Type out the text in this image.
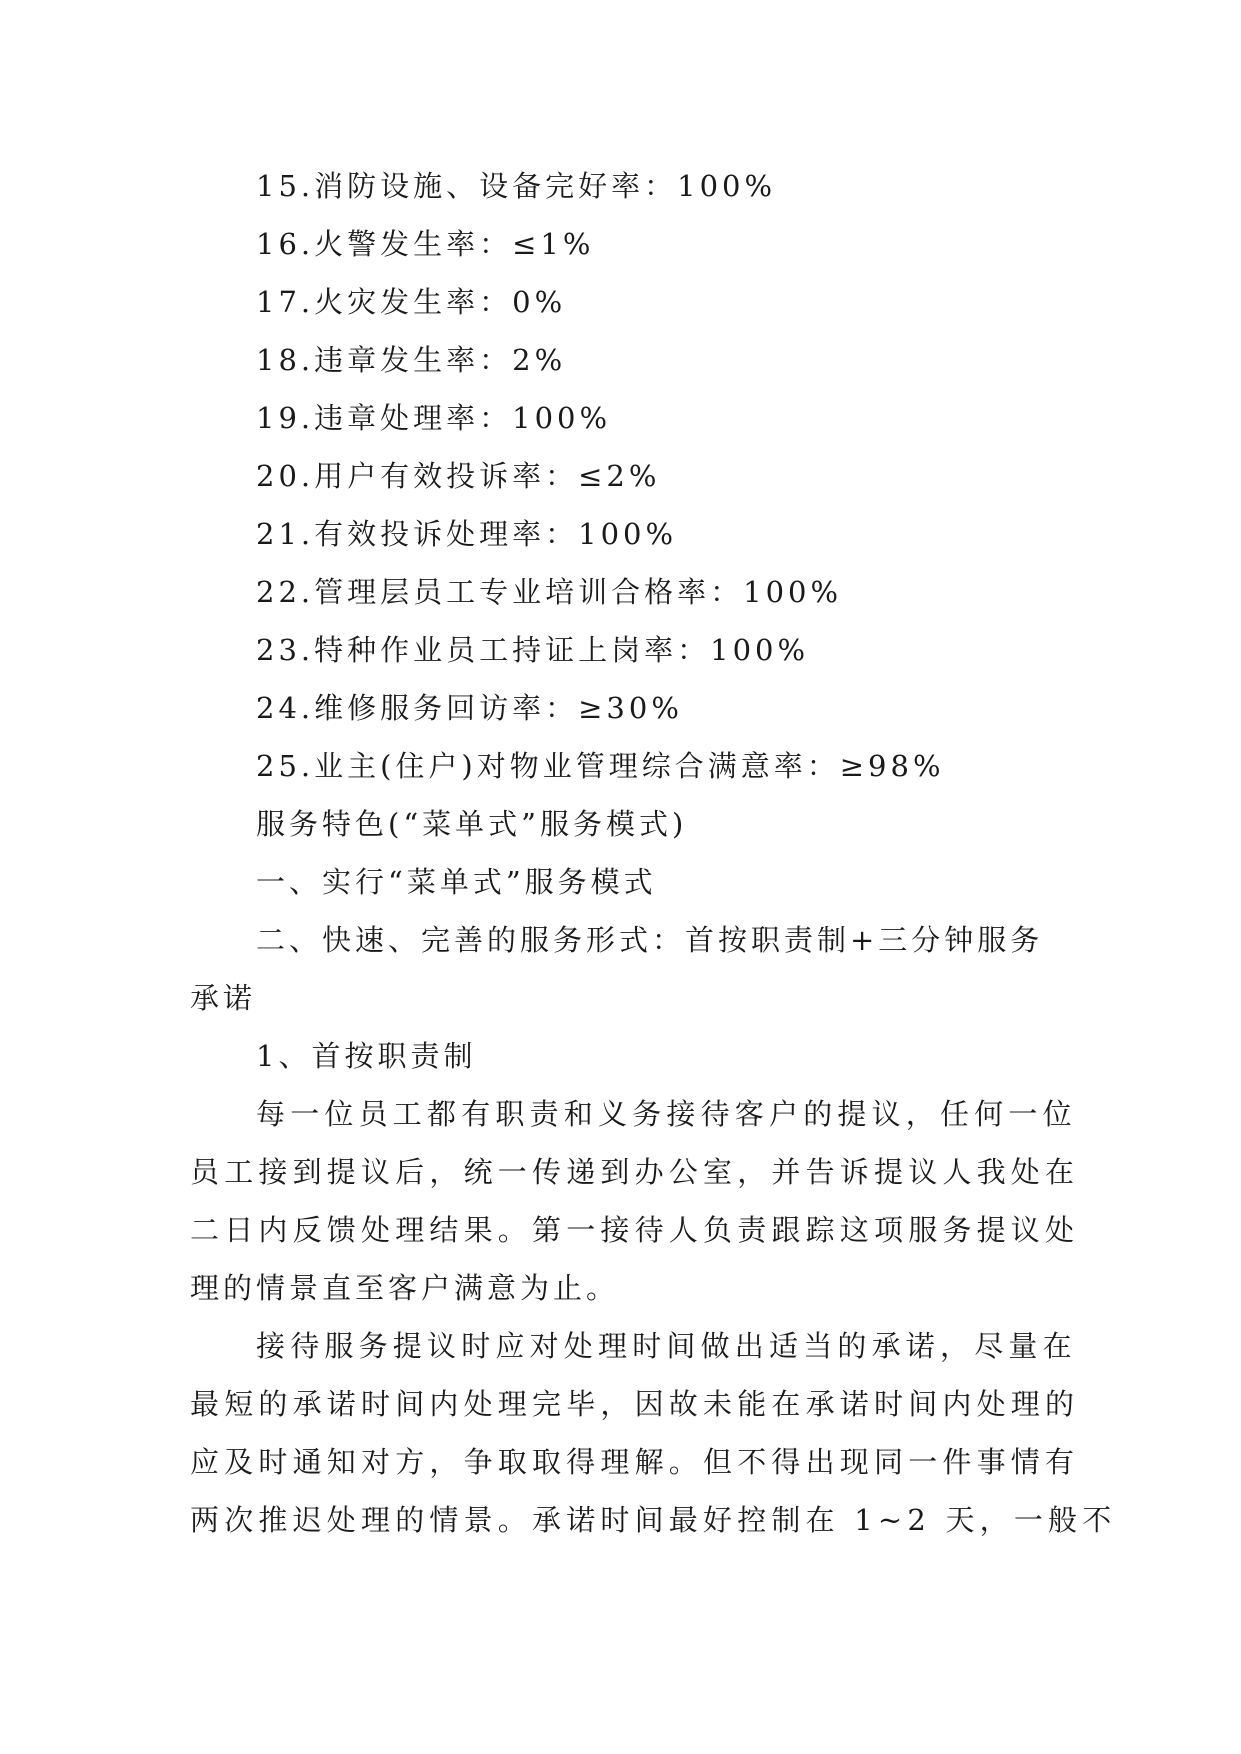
15.消防设施、设备完好率：100%
16.火警发生率：≤1%
17.火灾发生率：0%
18.违章发生率：2%
19.违章处理率：100%
20.用户有效投诉率：≤2%
21.有效投诉处理率：100%
22.管理层员工专业培训合格率：100%
23.特种作业员工持证上岗率：100%
24.维修服务回访率：≥30%
25.业主(住户)对物业管理综合满意率：≥98%
服务特色(“菜单式”服务模式)
一、实行“菜单式”服务模式
二、快速、完善的服务形式：首按职责制+三分钟服务
承诺
1、首按职责制
每一位员工都有职责和义务接待客户的提议，任何一位
员工接到提议后，统一传递到办公室，并告诉提议人我处在
二日内反馈处理结果。第一接待人负责跟踪这项服务提议处
理的情景直至客户满意为止。
接待服务提议时应对处理时间做出适当的承诺，尽量在
最短的承诺时间内处理完毕，因故未能在承诺时间内处理的
应及时通知对方，争取取得理解。但不得出现同一件事情有
两次推迟处理的情景。承诺时间最好控制在 1~2 天，一般不
